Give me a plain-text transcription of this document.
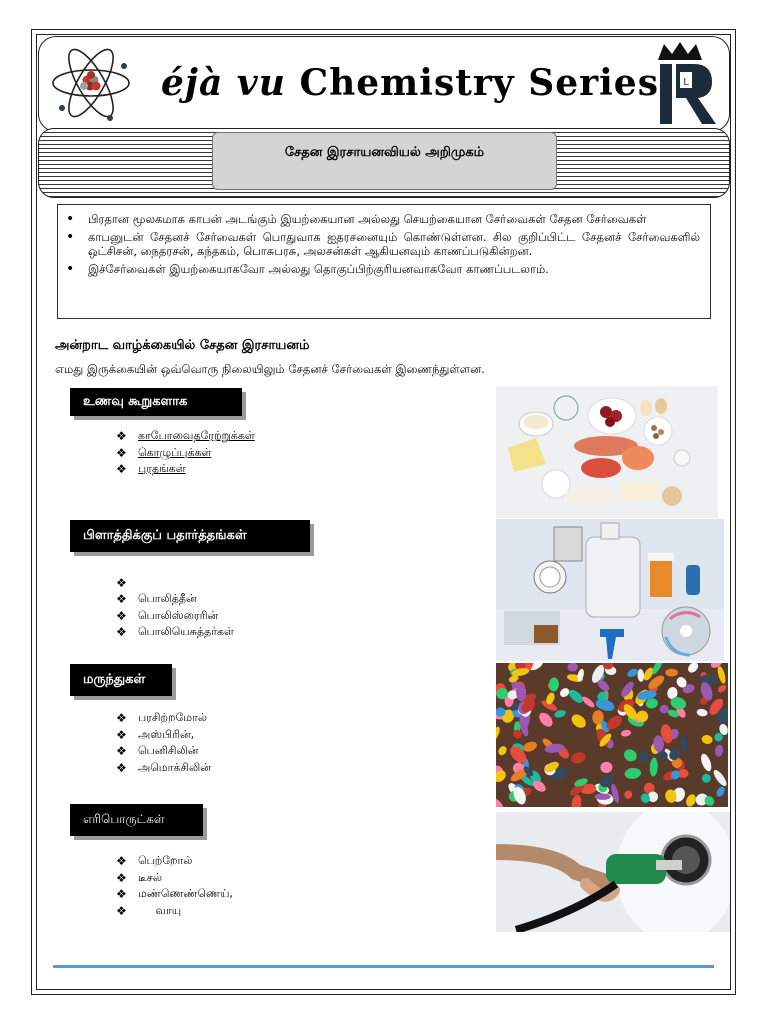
éjà vu Chemistry Series L
சேதன இரசாயனவியல் அறிமுகம்
• பிரதான மூலகமாக காபன் அடங்கும் இயற்கையான அல்லது செயற்கையான சேர்வைகள் சேதன சேர்வைகள்
• காபனுடன் சேதனச் சேர்வைகள் பொதுவாக ஐதரசனையும் கொண்டுள்ளன. சில குறிப்பிட்ட சேதனச் சேர்வைகளில் ஒட்சிசன், நைதரசன், கந்தகம், பொசுபரசு, அலசன்கள் ஆகியனவும் காணப்படுகின்றன.
• இச்சேர்வைகள் இயற்கையாகவோ அல்லது தொகுப்பிற்குரியனவாகவோ காணப்படலாம்.
அன்றாட வாழ்க்கையில் சேதன இரசாயனம்
எமது இருக்கையின் ஒவ்வொரு நிலையிலும் சேதனச் சேர்வைகள் இணைந்துள்ளன.
உணவு கூறுகளாக
❖ காபோவைதரேற்றுக்கள்
❖ கொழுப்புக்கள்
❖ புரதங்கள்
பிளாத்திக்குப் பதார்த்தங்கள்
❖
❖ பொலித்தீன்
❖ பொலிஸ்ரைரின்
❖ பொலியெசுத்தர்கள்
மருந்துகள்
❖ பரசிற்றமோல்
❖ அஸ்பிரின்,
❖ பெனிசிலின்
❖ அமொக்சிலின்
எரிபொருட்கள்
❖ பெற்றோல்
❖ டீசல்
❖ மண்ணெண்ணெய்,
❖ வாயு
